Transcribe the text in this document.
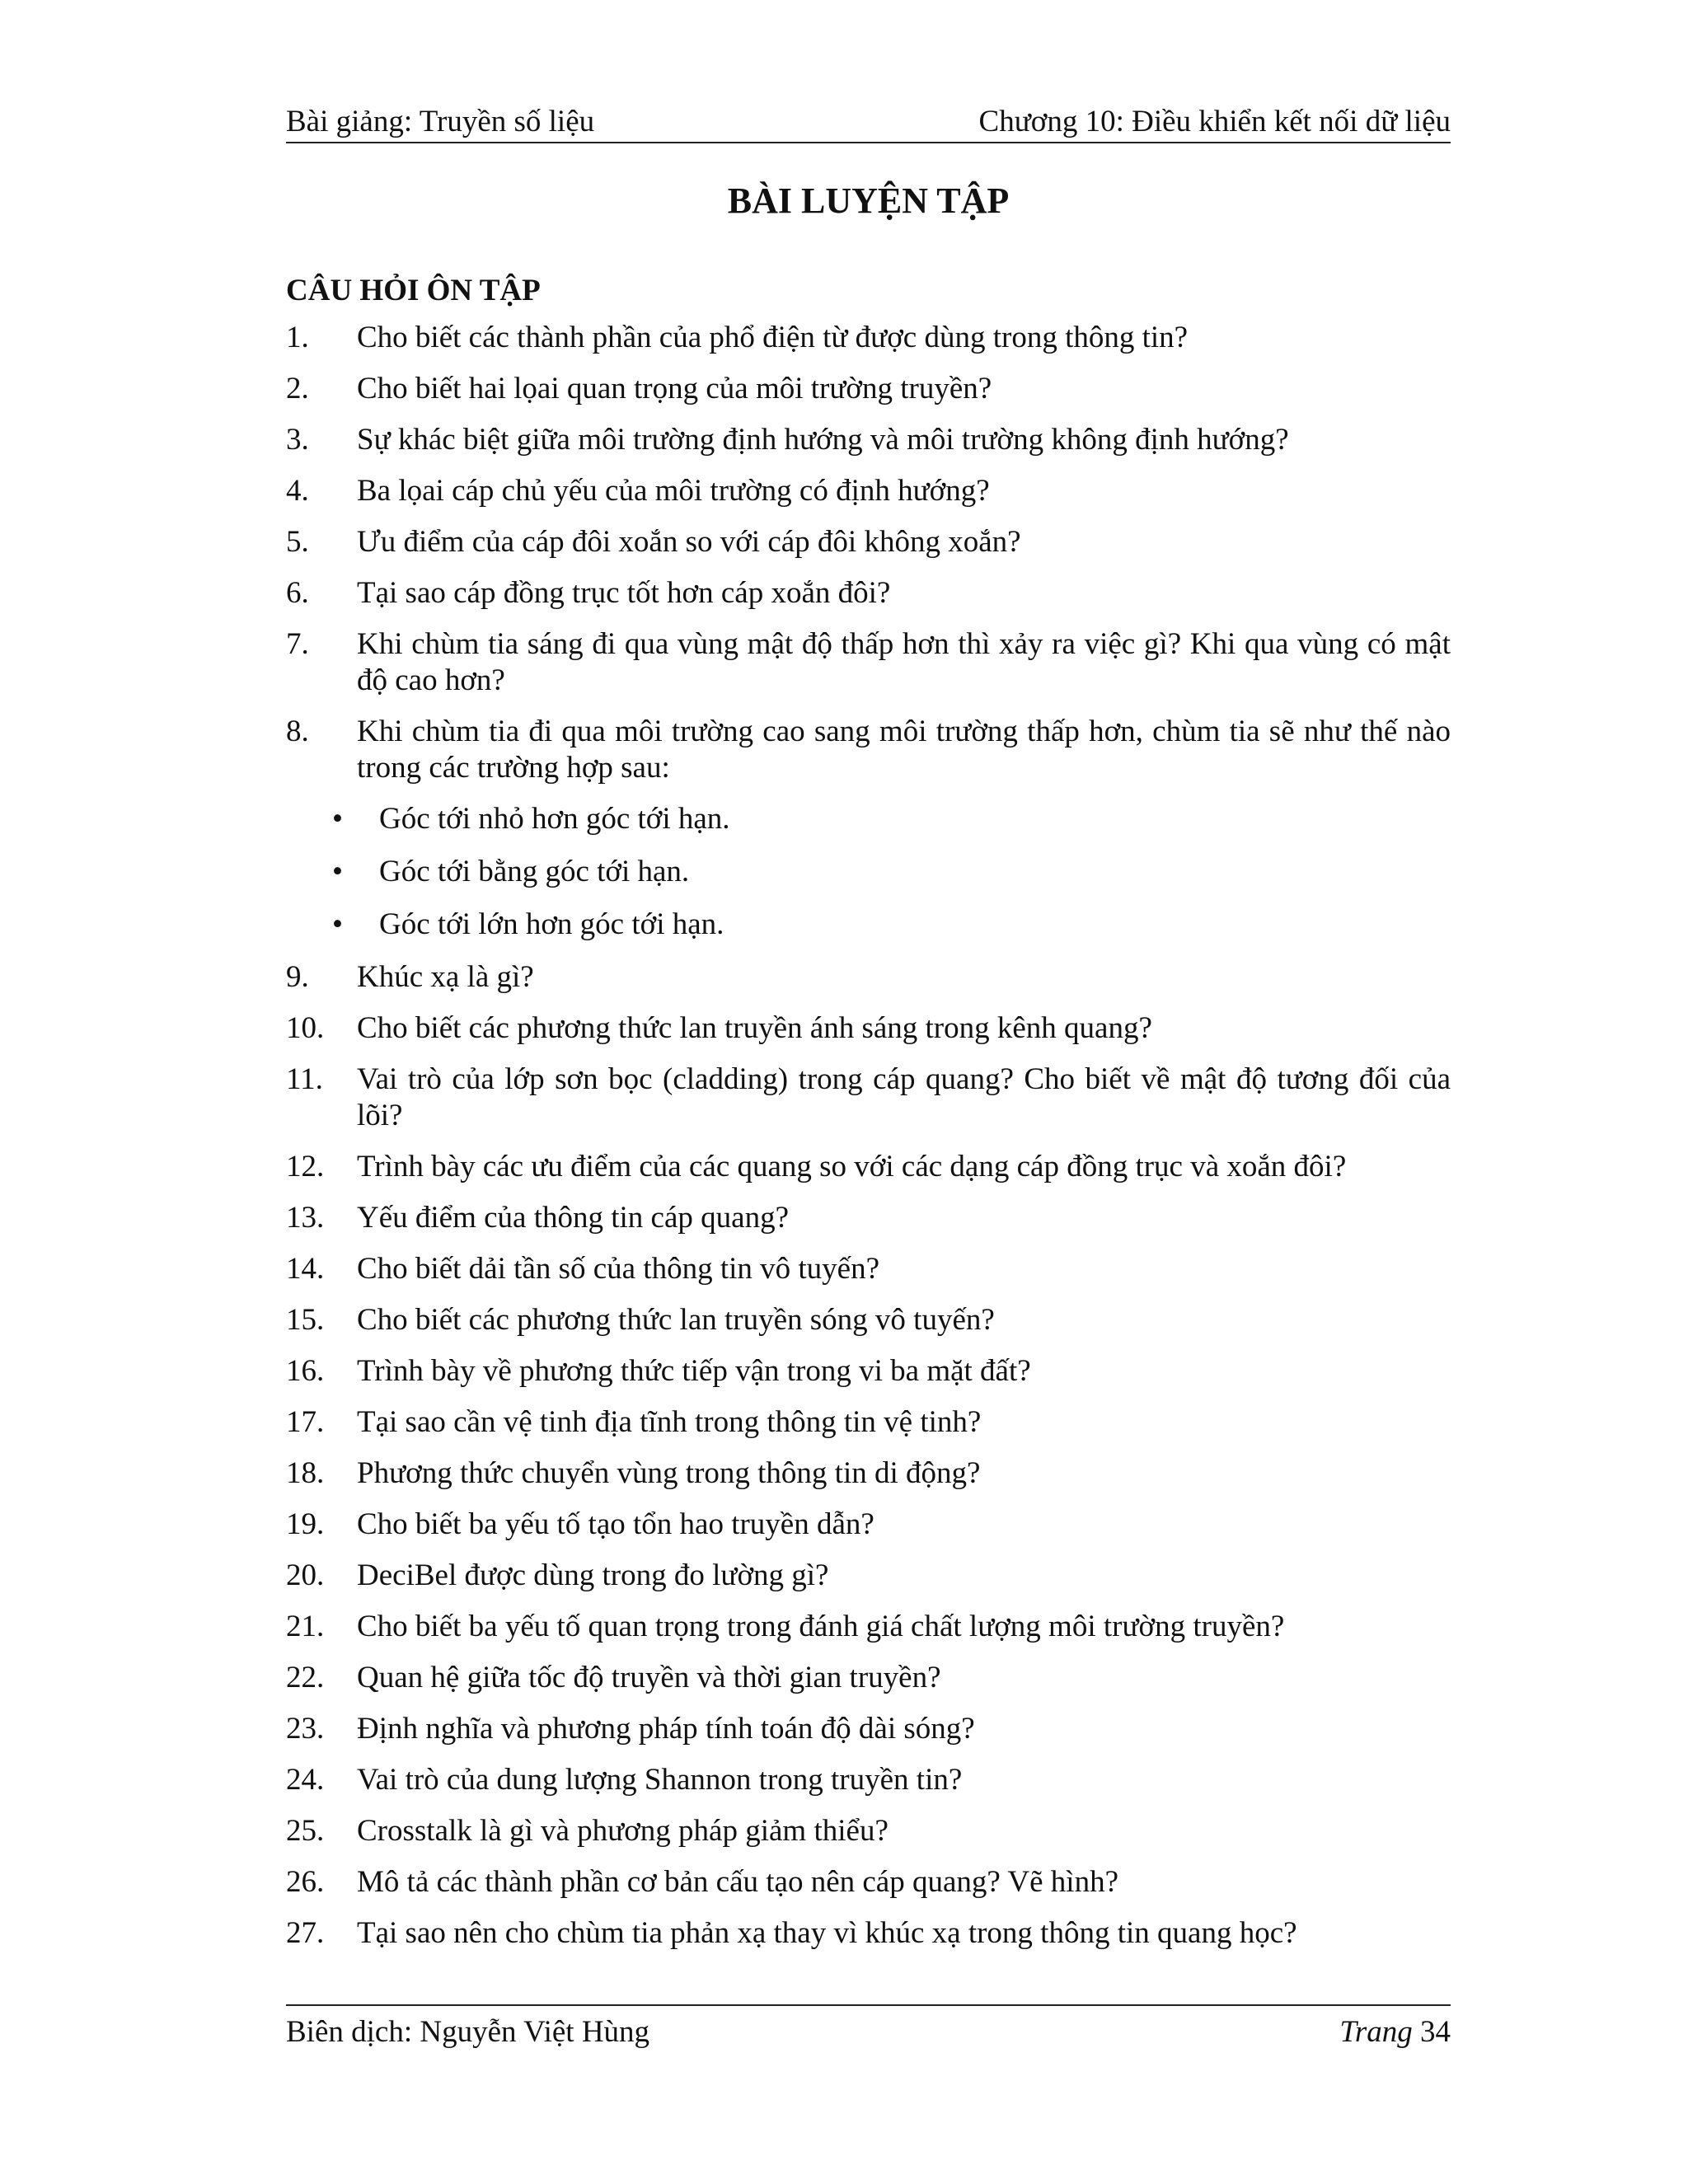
Bài giảng: Truyền số liệu	Chương 10: Điều khiển kết nối dữ liệu
BÀI LUYỆN TẬP
CÂU HỎI ÔN TẬP
1. Cho biết các thành phần của phổ điện từ được dùng trong thông tin?
2. Cho biết hai lọai quan trọng của môi trường truyền?
3. Sự khác biệt giữa môi trường định hướng và môi trường không định hướng?
4. Ba lọai cáp chủ yếu của môi trường có định hướng?
5. Ưu điểm của cáp đôi xoắn so với cáp đôi không xoắn?
6. Tại sao cáp đồng trục tốt hơn cáp xoắn đôi?
7. Khi chùm tia sáng đi qua vùng mật độ thấp hơn thì xảy ra việc gì? Khi qua vùng có mật độ cao hơn?
8. Khi chùm tia đi qua môi trường cao sang môi trường thấp hơn, chùm tia sẽ như thế nào trong các trường hợp sau:
• Góc tới nhỏ hơn góc tới hạn.
• Góc tới bằng góc tới hạn.
• Góc tới lớn hơn góc tới hạn.
9. Khúc xạ là gì?
10. Cho biết các phương thức lan truyền ánh sáng trong kênh quang?
11. Vai trò của lớp sơn bọc (cladding) trong cáp quang? Cho biết về mật độ tương đối của lõi?
12. Trình bày các ưu điểm của các quang so với các dạng cáp đồng trục và xoắn đôi?
13. Yếu điểm của thông tin cáp quang?
14. Cho biết dải tần số của thông tin vô tuyến?
15. Cho biết các phương thức lan truyền sóng vô tuyến?
16. Trình bày về phương thức tiếp vận trong vi ba mặt đất?
17. Tại sao cần vệ tinh địa tĩnh trong thông tin vệ tinh?
18. Phương thức chuyển vùng trong thông tin di động?
19. Cho biết ba yếu tố tạo tổn hao truyền dẫn?
20. DeciBel được dùng trong đo lường gì?
21. Cho biết ba yếu tố quan trọng trong đánh giá chất lượng môi trường truyền?
22. Quan hệ giữa tốc độ truyền và thời gian truyền?
23. Định nghĩa và phương pháp tính toán độ dài sóng?
24. Vai trò của dung lượng Shannon trong truyền tin?
25. Crosstalk là gì và phương pháp giảm thiểu?
26. Mô tả các thành phần cơ bản cấu tạo nên cáp quang? Vẽ hình?
27. Tại sao nên cho chùm tia phản xạ thay vì khúc xạ trong thông tin quang học?
Biên dịch: Nguyễn Việt Hùng	Trang 34
